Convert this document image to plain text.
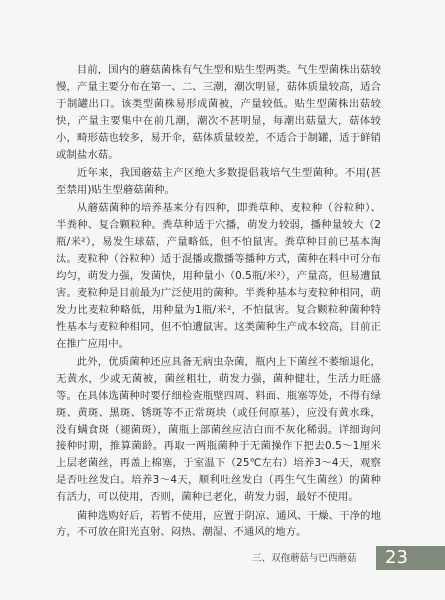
目前，国内的蘑菇菌株有气生型和贴生型两类。气生型菌株出菇较慢，产量主要分布在第一、二、三潮，潮次明显，菇体质量较高，适合于制罐出口。该类型菌株易形成菌被，产量较低。贴生型菌株出菇较快，产量主要集中在前几潮，潮次不甚明显，每潮出菇量大，菇体较小，畸形菇也较多，易开伞，菇体质量较差，不适合于制罐，适于鲜销或制盐水菇。

近年来，我国蘑菇主产区绝大多数提倡栽培气生型菌种。不用(甚至禁用)贴生型蘑菇菌种。

从蘑菇菌种的培养基来分有四种，即粪草种、麦粒种（谷粒种）、半粪种、复合颗粒种。粪草种适于穴播，萌发力较弱，播种量较大（2瓶/米²），易发生球菇，产量略低，但不怕鼠害。粪草种目前已基本淘汰。麦粒种（谷粒种）适于混播或撒播等播种方式，菌种在料中可分布均匀，萌发力强，发菌快，用种量小（0.5瓶/米²），产量高，但易遭鼠害。麦粒种是目前最为广泛使用的菌种。半粪种基本与麦粒种相同，萌发力比麦粒种略低，用种量为1瓶/米²，不怕鼠害。复合颗粒种菌种特性基本与麦粒种相同，但不怕遭鼠害。这类菌种生产成本较高，目前正在推广应用中。

此外，优质菌种还应具备无病虫杂菌，瓶内上下菌丝不萎缩退化，无黄水，少或无菌被，菌丝粗壮，萌发力强，菌种健壮，生活力旺盛等。在具体选菌种时要仔细检查瓶壁四周、料面、瓶塞等处，不得有绿斑、黄斑、黑斑、锈斑等不正常斑块（或任何原基），应没有黄水珠，没有螨食斑（褪菌斑），菌瓶上部菌丝应洁白而不灰化稀弱。详细询问接种时期，推算菌龄。再取一两瓶菌种于无菌操作下把去0.5～1厘米上层老菌丝，再盖上棉塞，于室温下（25℃左右）培养3～4天，观察是否吐丝发白。培养3～4天，顺利吐丝发白（再生气生菌丝）的菌种有活力，可以使用，否则，菌种已老化，萌发力弱，最好不使用。

菌种选购好后，若暂不使用，应置于阴凉、通风、干燥、干净的地方，不可放在阳光直射、闷热、潮湿、不通风的地方。

三、双孢蘑菇与巴西蘑菇	23
